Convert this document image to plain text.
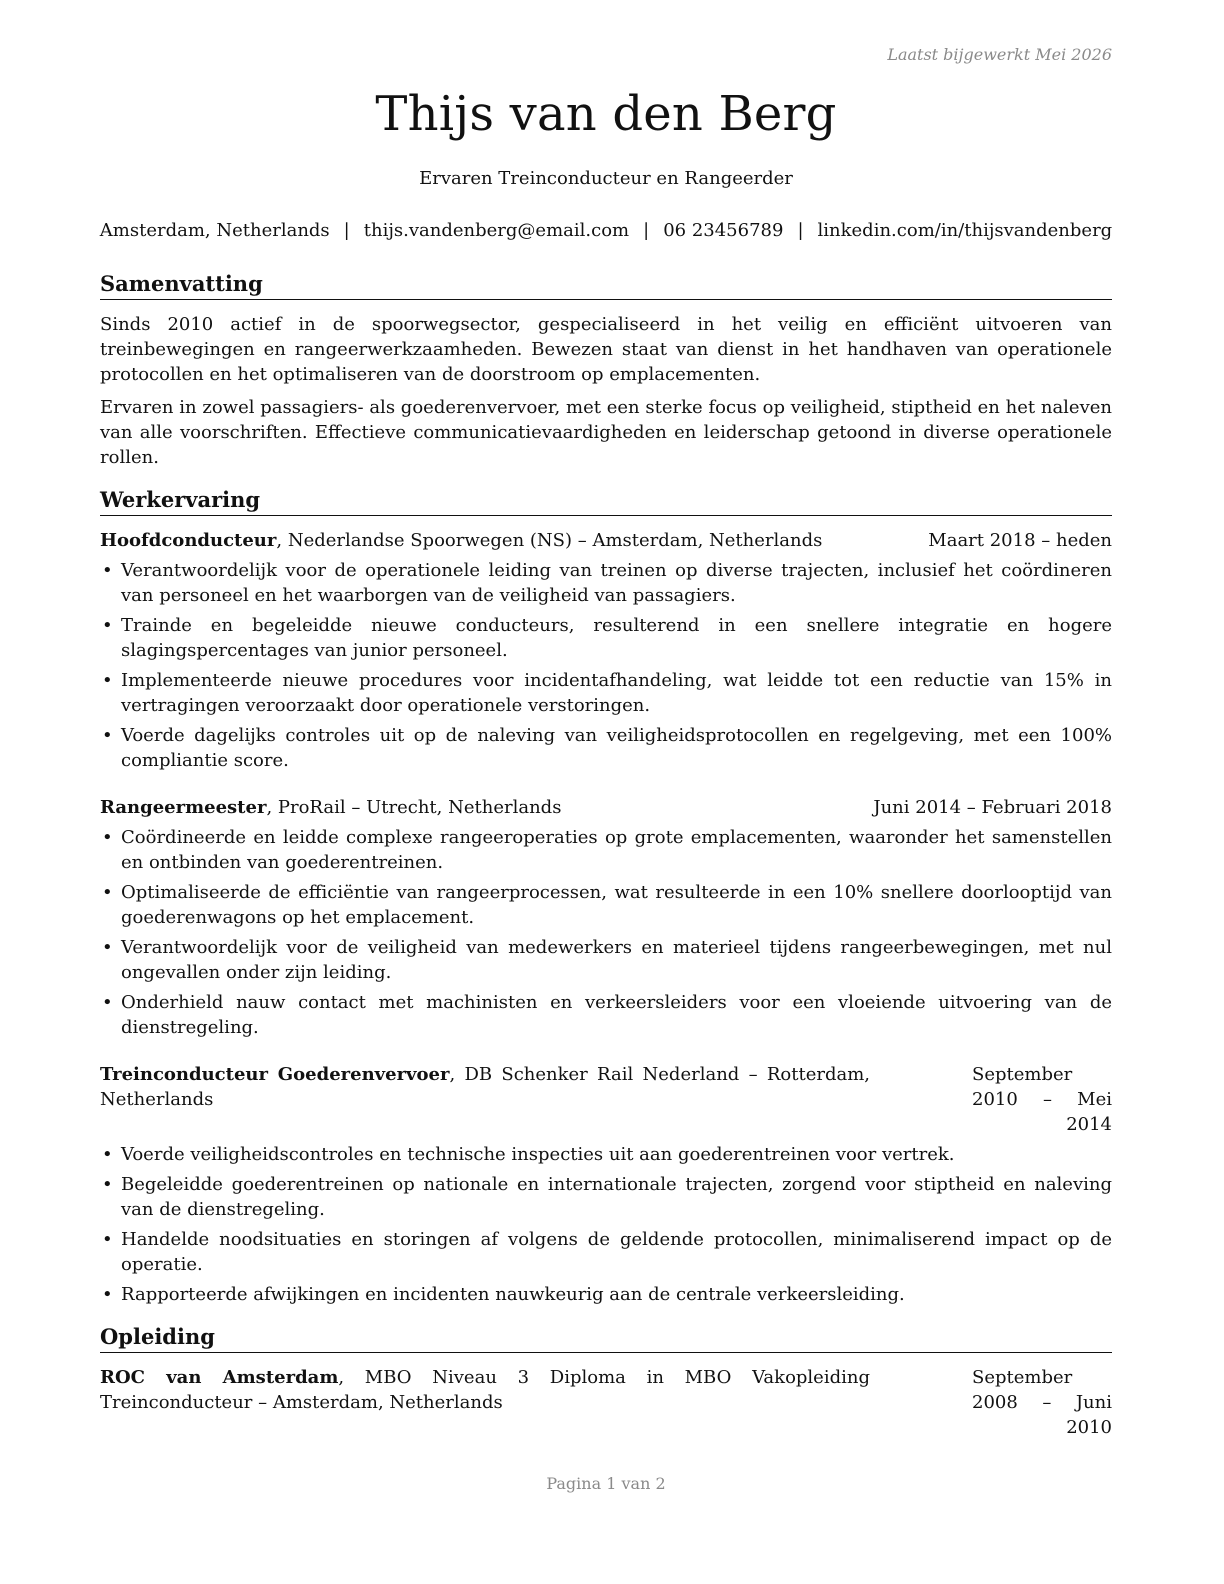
Laatst bijgewerkt Mei 2026
Thijs van den Berg
Ervaren Treinconducteur en Rangeerder
Amsterdam, Netherlands | thijs.vandenberg@email.com | 06 23456789 | linkedin.com/in/thijsvandenberg
Samenvatting

Sinds 2010 actief in de spoorwegsector, gespecialiseerd in het veilig en efficiënt uitvoeren van treinbewegingen en rangeerwerkzaamheden. Bewezen staat van dienst in het handhaven van operationele protocollen en het optimaliseren van de doorstroom op emplacementen.

Ervaren in zowel passagiers- als goederenvervoer, met een sterke focus op veiligheid, stiptheid en het naleven van alle voorschriften. Effectieve communicatievaardigheden en leiderschap getoond in diverse operationele rollen.

Werkervaring
Hoofdconducteur, Nederlandse Spoorwegen (NS) – Amsterdam, Netherlands	Maart 2018 – heden
• Verantwoordelijk voor de operationele leiding van treinen op diverse trajecten, inclusief het coördineren van personeel en het waarborgen van de veiligheid van passagiers.
• Trainde en begeleidde nieuwe conducteurs, resulterend in een snellere integratie en hogere slagingspercentages van junior personeel.
• Implementeerde nieuwe procedures voor incidentafhandeling, wat leidde tot een reductie van 15% in vertragingen veroorzaakt door operationele verstoringen.
• Voerde dagelijks controles uit op de naleving van veiligheidsprotocollen en regelgeving, met een 100% compliantie score.
Rangeermeester, ProRail – Utrecht, Netherlands	Juni 2014 – Februari 2018
• Coördineerde en leidde complexe rangeeroperaties op grote emplacementen, waaronder het samenstellen en ontbinden van goederentreinen.
• Optimaliseerde de efficiëntie van rangeerprocessen, wat resulteerde in een 10% snellere doorlooptijd van goederenwagons op het emplacement.
• Verantwoordelijk voor de veiligheid van medewerkers en materieel tijdens rangeerbewegingen, met nul ongevallen onder zijn leiding.
• Onderhield nauw contact met machinisten en verkeersleiders voor een vloeiende uitvoering van de dienstregeling.
Treinconducteur Goederenvervoer, DB Schenker Rail Nederland – Rotterdam, Netherlands
September 2010 – Mei
2014
• Voerde veiligheidscontroles en technische inspecties uit aan goederentreinen voor vertrek.
• Begeleidde goederentreinen op nationale en internationale trajecten, zorgend voor stiptheid en naleving van de dienstregeling.
• Handelde noodsituaties en storingen af volgens de geldende protocollen, minimaliserend impact op de operatie.
• Rapporteerde afwijkingen en incidenten nauwkeurig aan de centrale verkeersleiding.
Opleiding
ROC van Amsterdam, MBO Niveau 3 Diploma in MBO Vakopleiding Treinconducteur – Amsterdam, Netherlands
September 2008 – Juni
2010
Pagina 1 van 2
